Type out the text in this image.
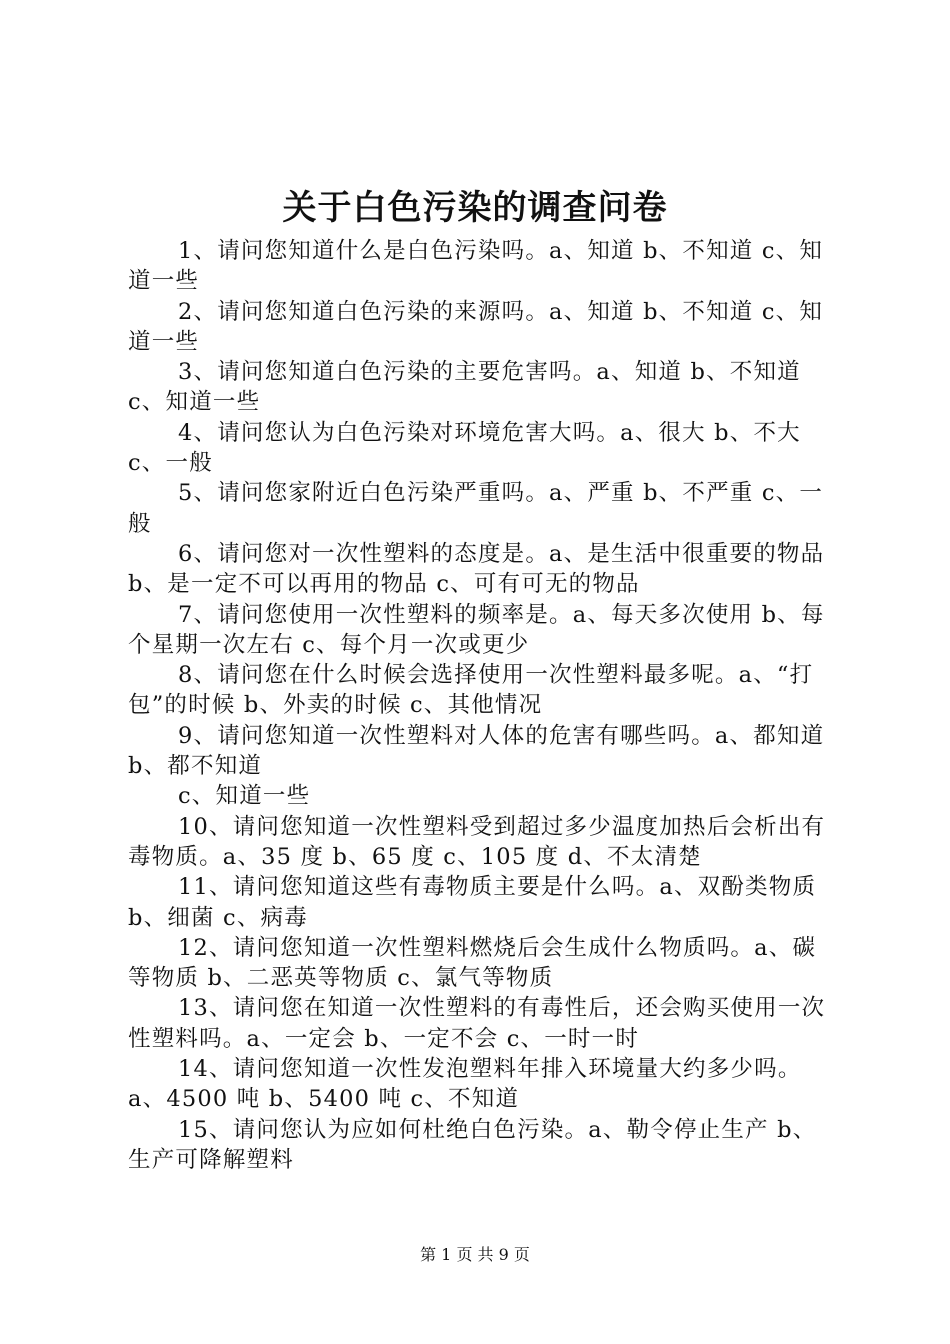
关于白色污染的调查问卷

1、请问您知道什么是白色污染吗。a、知道 b、不知道 c、知道一些

2、请问您知道白色污染的来源吗。a、知道 b、不知道 c、知道一些

3、请问您知道白色污染的主要危害吗。a、知道 b、不知道 c、知道一些

4、请问您认为白色污染对环境危害大吗。a、很大 b、不大 c、一般

5、请问您家附近白色污染严重吗。a、严重 b、不严重 c、一般

6、请问您对一次性塑料的态度是。a、是生活中很重要的物品 b、是一定不可以再用的物品 c、可有可无的物品

7、请问您使用一次性塑料的频率是。a、每天多次使用 b、每个星期一次左右 c、每个月一次或更少

8、请问您在什么时候会选择使用一次性塑料最多呢。a、“打包”的时候 b、外卖的时候 c、其他情况

9、请问您知道一次性塑料对人体的危害有哪些吗。a、都知道 b、都不知道

c、知道一些

10、请问您知道一次性塑料受到超过多少温度加热后会析出有毒物质。a、35 度 b、65 度 c、105 度 d、不太清楚

11、请问您知道这些有毒物质主要是什么吗。a、双酚类物质 b、细菌 c、病毒

12、请问您知道一次性塑料燃烧后会生成什么物质吗。a、碳等物质 b、二恶英等物质 c、氯气等物质

13、请问您在知道一次性塑料的有毒性后，还会购买使用一次性塑料吗。a、一定会 b、一定不会 c、一时一时

14、请问您知道一次性发泡塑料年排入环境量大约多少吗。a、4500 吨 b、5400 吨 c、不知道

15、请问您认为应如何杜绝白色污染。a、勒令停止生产 b、生产可降解塑料

第 1 页 共 9 页
